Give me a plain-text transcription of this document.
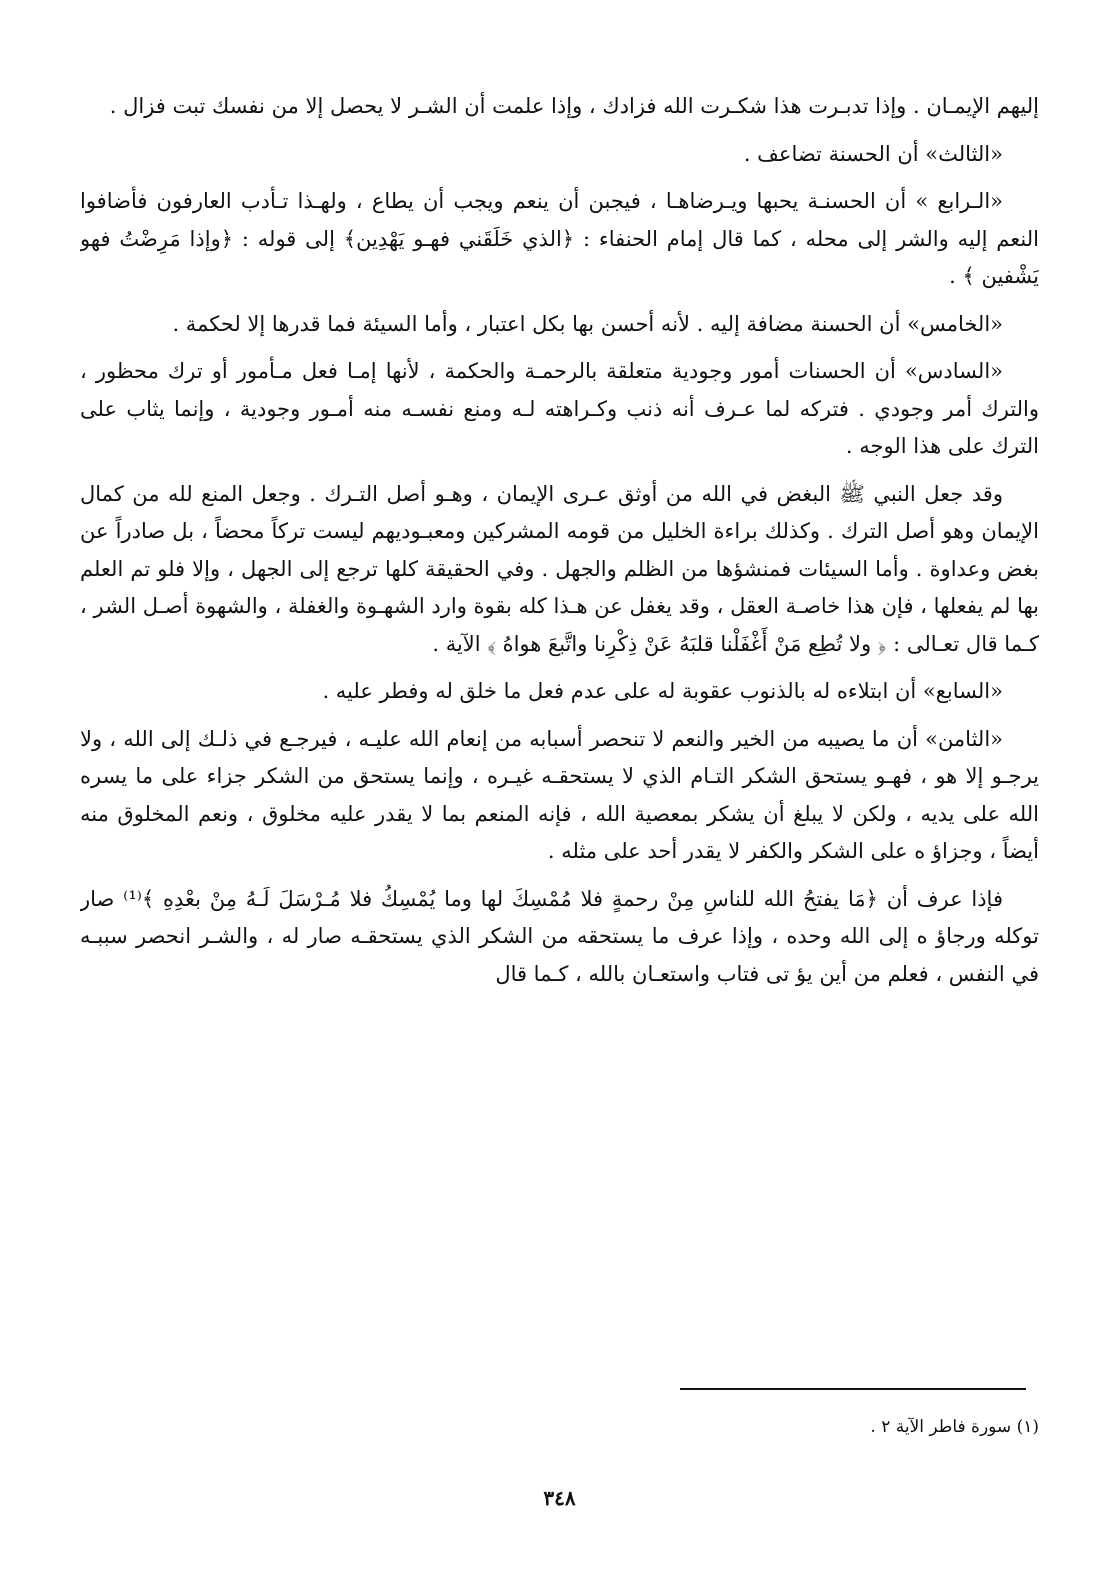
إليهم الإيمـان . وإذا تدبـرت هذا شكـرت الله فزادك ، وإذا علمت أن الشـر لا يحصل إلا من نفسك تبت فزال .

«الثالث» أن الحسنة تضاعف .

«الـرابع » أن الحسنـة يحبها ويـرضاهـا ، فيجبن أن ينعم ويجب أن يطاع ، ولهـذا تـأدب العارفون فأضافوا النعم إليه والشر إلى محله ، كما قال إمام الحنفاء : ﴿الذي خَلَقَني فهـو يَهْدِين﴾ إلى قوله : ﴿وإذا مَرِضْتُ فهو يَشْفين ﴾ .

«الخامس» أن الحسنة مضافة إليه . لأنه أحسن بها بكل اعتبار ، وأما السيئة فما قدرها إلا لحكمة .

«السادس» أن الحسنات أمور وجودية متعلقة بالرحمـة والحكمة ، لأنها إمـا فعل مـأمور أو ترك محظور ، والترك أمر وجودي . فتركه لما عـرف أنه ذنب وكـراهته لـه ومنع نفسـه منه أمـور وجودية ، وإنما يثاب على الترك على هذا الوجه .

وقد جعل النبي ﷺ البغض في الله من أوثق عـرى الإيمان ، وهـو أصل التـرك . وجعل المنع لله من كمال الإيمان وهو أصل الترك . وكذلك براءة الخليل من قومه المشركين ومعبـوديهم ليست تركاً محضاً ، بل صادراً عن بغض وعداوة . وأما السيئات فمنشؤها من الظلم والجهل . وفي الحقيقة كلها ترجع إلى الجهل ، وإلا فلو تم العلم بها لم يفعلها ، فإن هذا خاصـة العقل ، وقد يغفل عن هـذا كله بقوة وارد الشهـوة والغفلة ، والشهوة أصـل الشر ، كـما قال تعـالى : ﴿ ولا تُطِع مَنْ أَغْفَلْنا قلبَهُ عَنْ ذِكْرِنا واتَّبعَ هواهُ ﴾ الآية .

«السابع» أن ابتلاءه له بالذنوب عقوبة له على عدم فعل ما خلق له وفطر عليه .

«الثامن» أن ما يصيبه من الخير والنعم لا تنحصر أسبابه من إنعام الله عليـه ، فيرجـع في ذلـك إلى الله ، ولا يرجـو إلا هو ، فهـو يستحق الشكر التـام الذي لا يستحقـه غيـره ، وإنما يستحق من الشكر جزاء على ما يسره الله على يديه ، ولكن لا يبلغ أن يشكر بمعصية الله ، فإنه المنعم بما لا يقدر عليه مخلوق ، ونعم المخلوق منه أيضاً ، وجزاؤ ه على الشكر والكفر لا يقدر أحد على مثله .

فإذا عرف أن ﴿مَا يفتحُ الله للناسِ مِنْ رحمةٍ فلا مُمْسِكَ لها وما يُمْسِكُ فلا مُـرْسَلَ لَـهُ مِنْ بعْدِهِ ﴾⁽¹⁾ صار توكله ورجاؤ ه إلى الله وحده ، وإذا عرف ما يستحقه من الشكر الذي يستحقـه صار له ، والشـر انحصر سببـه في النفس ، فعلم من أين يؤ تى فتاب واستعـان بالله ، كـما قال

(١) سورة فاطر الآية ٢ .
٣٤٨
